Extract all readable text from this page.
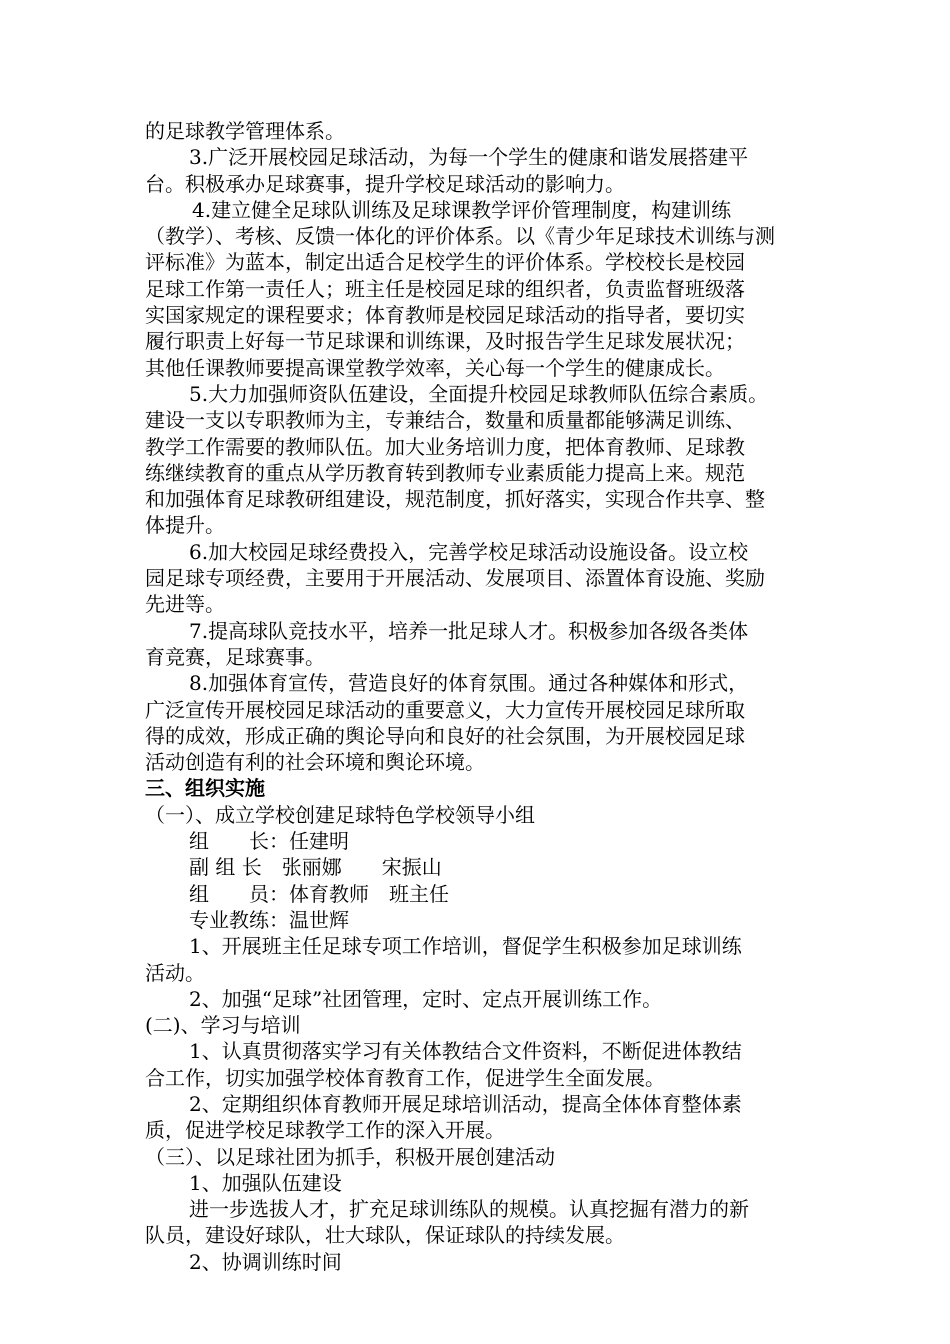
的足球教学管理体系。
3.广泛开展校园足球活动，为每一个学生的健康和谐发展搭建平
台。积极承办足球赛事，提升学校足球活动的影响力。
4.建立健全足球队训练及足球课教学评价管理制度，构建训练
（教学）、考核、反馈一体化的评价体系。以《青少年足球技术训练与测
评标准》为蓝本，制定出适合足校学生的评价体系。学校校长是校园
足球工作第一责任人；班主任是校园足球的组织者，负责监督班级落
实国家规定的课程要求；体育教师是校园足球活动的指导者，要切实
履行职责上好每一节足球课和训练课，及时报告学生足球发展状况；
其他任课教师要提高课堂教学效率，关心每一个学生的健康成长。
5.大力加强师资队伍建设，全面提升校园足球教师队伍综合素质。
建设一支以专职教师为主，专兼结合，数量和质量都能够满足训练、
教学工作需要的教师队伍。加大业务培训力度，把体育教师、足球教
练继续教育的重点从学历教育转到教师专业素质能力提高上来。规范
和加强体育足球教研组建设，规范制度，抓好落实，实现合作共享、整
体提升。
6.加大校园足球经费投入，完善学校足球活动设施设备。设立校
园足球专项经费，主要用于开展活动、发展项目、添置体育设施、奖励
先进等。
7.提高球队竞技水平，培养一批足球人才。积极参加各级各类体
育竞赛，足球赛事。
8.加强体育宣传，营造良好的体育氛围。通过各种媒体和形式，
广泛宣传开展校园足球活动的重要意义，大力宣传开展校园足球所取
得的成效，形成正确的舆论导向和良好的社会氛围，为开展校园足球
活动创造有利的社会环境和舆论环境。
三、组织实施
（一）、成立学校创建足球特色学校领导小组
组　　长：任建明
副 组 长　张丽娜　　宋振山
组　　员：体育教师　班主任
专业教练：温世辉
1、开展班主任足球专项工作培训，督促学生积极参加足球训练
活动。
2、加强“足球”社团管理，定时、定点开展训练工作。
(二)、学习与培训
1、认真贯彻落实学习有关体教结合文件资料，不断促进体教结
合工作，切实加强学校体育教育工作，促进学生全面发展。
2、定期组织体育教师开展足球培训活动，提高全体体育整体素
质，促进学校足球教学工作的深入开展。
（三）、以足球社团为抓手，积极开展创建活动
1、加强队伍建设
进一步选拔人才，扩充足球训练队的规模。认真挖掘有潜力的新
队员，建设好球队，壮大球队，保证球队的持续发展。
2、协调训练时间
